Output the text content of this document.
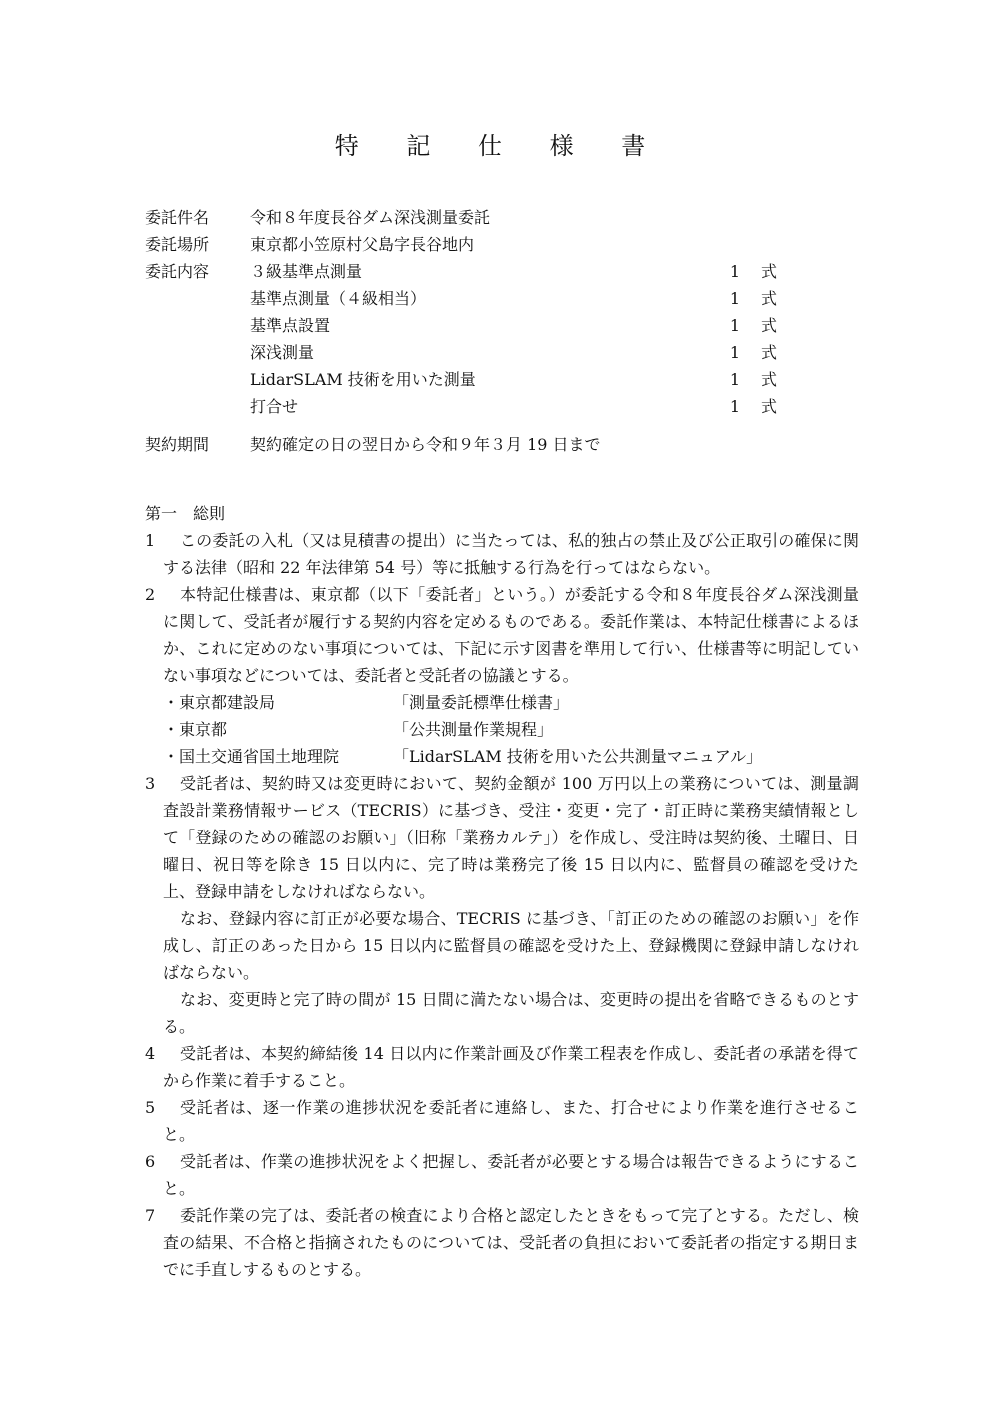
特 記 仕 様 書
委託件名	令和８年度長谷ダム深浅測量委託
委託場所	東京都小笠原村父島字長谷地内
委託内容	３級基準点測量	1 式
基準点測量（４級相当）	1 式
基準点設置	1 式
深浅測量	1 式
LidarSLAM 技術を用いた測量	1 式
打合せ	1 式
契約期間	契約確定の日の翌日から令和９年３月 19 日まで
第一　総則
1	この委託の入札（又は見積書の提出）に当たっては、私的独占の禁止及び公正取引の確保に関する法律（昭和 22 年法律第 54 号）等に抵触する行為を行ってはならない。
2	本特記仕様書は、東京都（以下「委託者」という。）が委託する令和８年度長谷ダム深浅測量に関して、受託者が履行する契約内容を定めるものである。委託作業は、本特記仕様書によるほか、これに定めのない事項については、下記に示す図書を準用して行い、仕様書等に明記していない事項などについては、委託者と受託者の協議とする。
・東京都建設局	「測量委託標準仕様書」
・東京都	「公共測量作業規程」
・国土交通省国土地理院	「LidarSLAM 技術を用いた公共測量マニュアル」
3	受託者は、契約時又は変更時において、契約金額が 100 万円以上の業務については、測量調査設計業務情報サービス（TECRIS）に基づき、受注・変更・完了・訂正時に業務実績情報として「登録のための確認のお願い」（旧称「業務カルテ」）を作成し、受注時は契約後、土曜日、日曜日、祝日等を除き 15 日以内に、完了時は業務完了後 15 日以内に、監督員の確認を受けた上、登録申請をしなければならない。
なお、登録内容に訂正が必要な場合、TECRIS に基づき、「訂正のための確認のお願い」を作成し、訂正のあった日から 15 日以内に監督員の確認を受けた上、登録機関に登録申請しなければならない。
なお、変更時と完了時の間が 15 日間に満たない場合は、変更時の提出を省略できるものとする。
4	受託者は、本契約締結後 14 日以内に作業計画及び作業工程表を作成し、委託者の承諾を得てから作業に着手すること。
5	受託者は、逐一作業の進捗状況を委託者に連絡し、また、打合せにより作業を進行させること。
6	受託者は、作業の進捗状況をよく把握し、委託者が必要とする場合は報告できるようにすること。
7	委託作業の完了は、委託者の検査により合格と認定したときをもって完了とする。ただし、検査の結果、不合格と指摘されたものについては、受託者の負担において委託者の指定する期日までに手直しするものとする。
